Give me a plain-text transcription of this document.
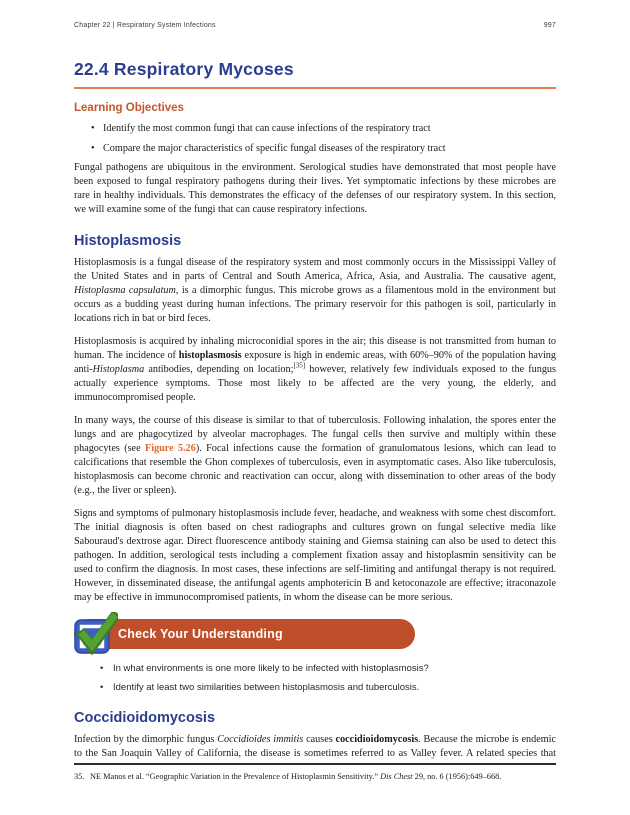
Chapter 22 | Respiratory System Infections	997
22.4 Respiratory Mycoses
Learning Objectives
• Identify the most common fungi that can cause infections of the respiratory tract
• Compare the major characteristics of specific fungal diseases of the respiratory tract

Fungal pathogens are ubiquitous in the environment. Serological studies have demonstrated that most people have been exposed to fungal respiratory pathogens during their lives. Yet symptomatic infections by these microbes are rare in healthy individuals. This demonstrates the efficacy of the defenses of our respiratory system. In this section, we will examine some of the fungi that can cause respiratory infections.

Histoplasmosis

Histoplasmosis is a fungal disease of the respiratory system and most commonly occurs in the Mississippi Valley of the United States and in parts of Central and South America, Africa, Asia, and Australia. The causative agent, Histoplasma capsulatum, is a dimorphic fungus. This microbe grows as a filamentous mold in the environment but occurs as a budding yeast during human infections. The primary reservoir for this pathogen is soil, particularly in locations rich in bat or bird feces.

Histoplasmosis is acquired by inhaling microconidial spores in the air; this disease is not transmitted from human to human. The incidence of histoplasmosis exposure is high in endemic areas, with 60%–90% of the population having anti-Histoplasma antibodies, depending on location;[35] however, relatively few individuals exposed to the fungus actually experience symptoms. Those most likely to be affected are the very young, the elderly, and immunocompromised people.

In many ways, the course of this disease is similar to that of tuberculosis. Following inhalation, the spores enter the lungs and are phagocytized by alveolar macrophages. The fungal cells then survive and multiply within these phagocytes (see Figure 5.26). Focal infections cause the formation of granulomatous lesions, which can lead to calcifications that resemble the Ghon complexes of tuberculosis, even in asymptomatic cases. Also like tuberculosis, histoplasmosis can become chronic and reactivation can occur, along with dissemination to other areas of the body (e.g., the liver or spleen).

Signs and symptoms of pulmonary histoplasmosis include fever, headache, and weakness with some chest discomfort. The initial diagnosis is often based on chest radiographs and cultures grown on fungal selective media like Sabouraud's dextrose agar. Direct fluorescence antibody staining and Giemsa staining can also be used to detect this pathogen. In addition, serological tests including a complement fixation assay and histoplasmin sensitivity can be used to confirm the diagnosis. In most cases, these infections are self-limiting and antifungal therapy is not required. However, in disseminated disease, the antifungal agents amphotericin B and ketoconazole are effective; itraconazole may be effective in immunocompromised patients, in whom the disease can be more serious.

Check Your Understanding
• In what environments is one more likely to be infected with histoplasmosis?
• Identify at least two similarities between histoplasmosis and tuberculosis.
Coccidioidomycosis

Infection by the dimorphic fungus Coccidioides immitis causes coccidioidomycosis. Because the microbe is endemic to the San Joaquin Valley of California, the disease is sometimes referred to as Valley fever. A related species that

35. NE Manos et al. “Geographic Variation in the Prevalence of Histoplasmin Sensitivity.” Dis Chest 29, no. 6 (1956):649–668.
